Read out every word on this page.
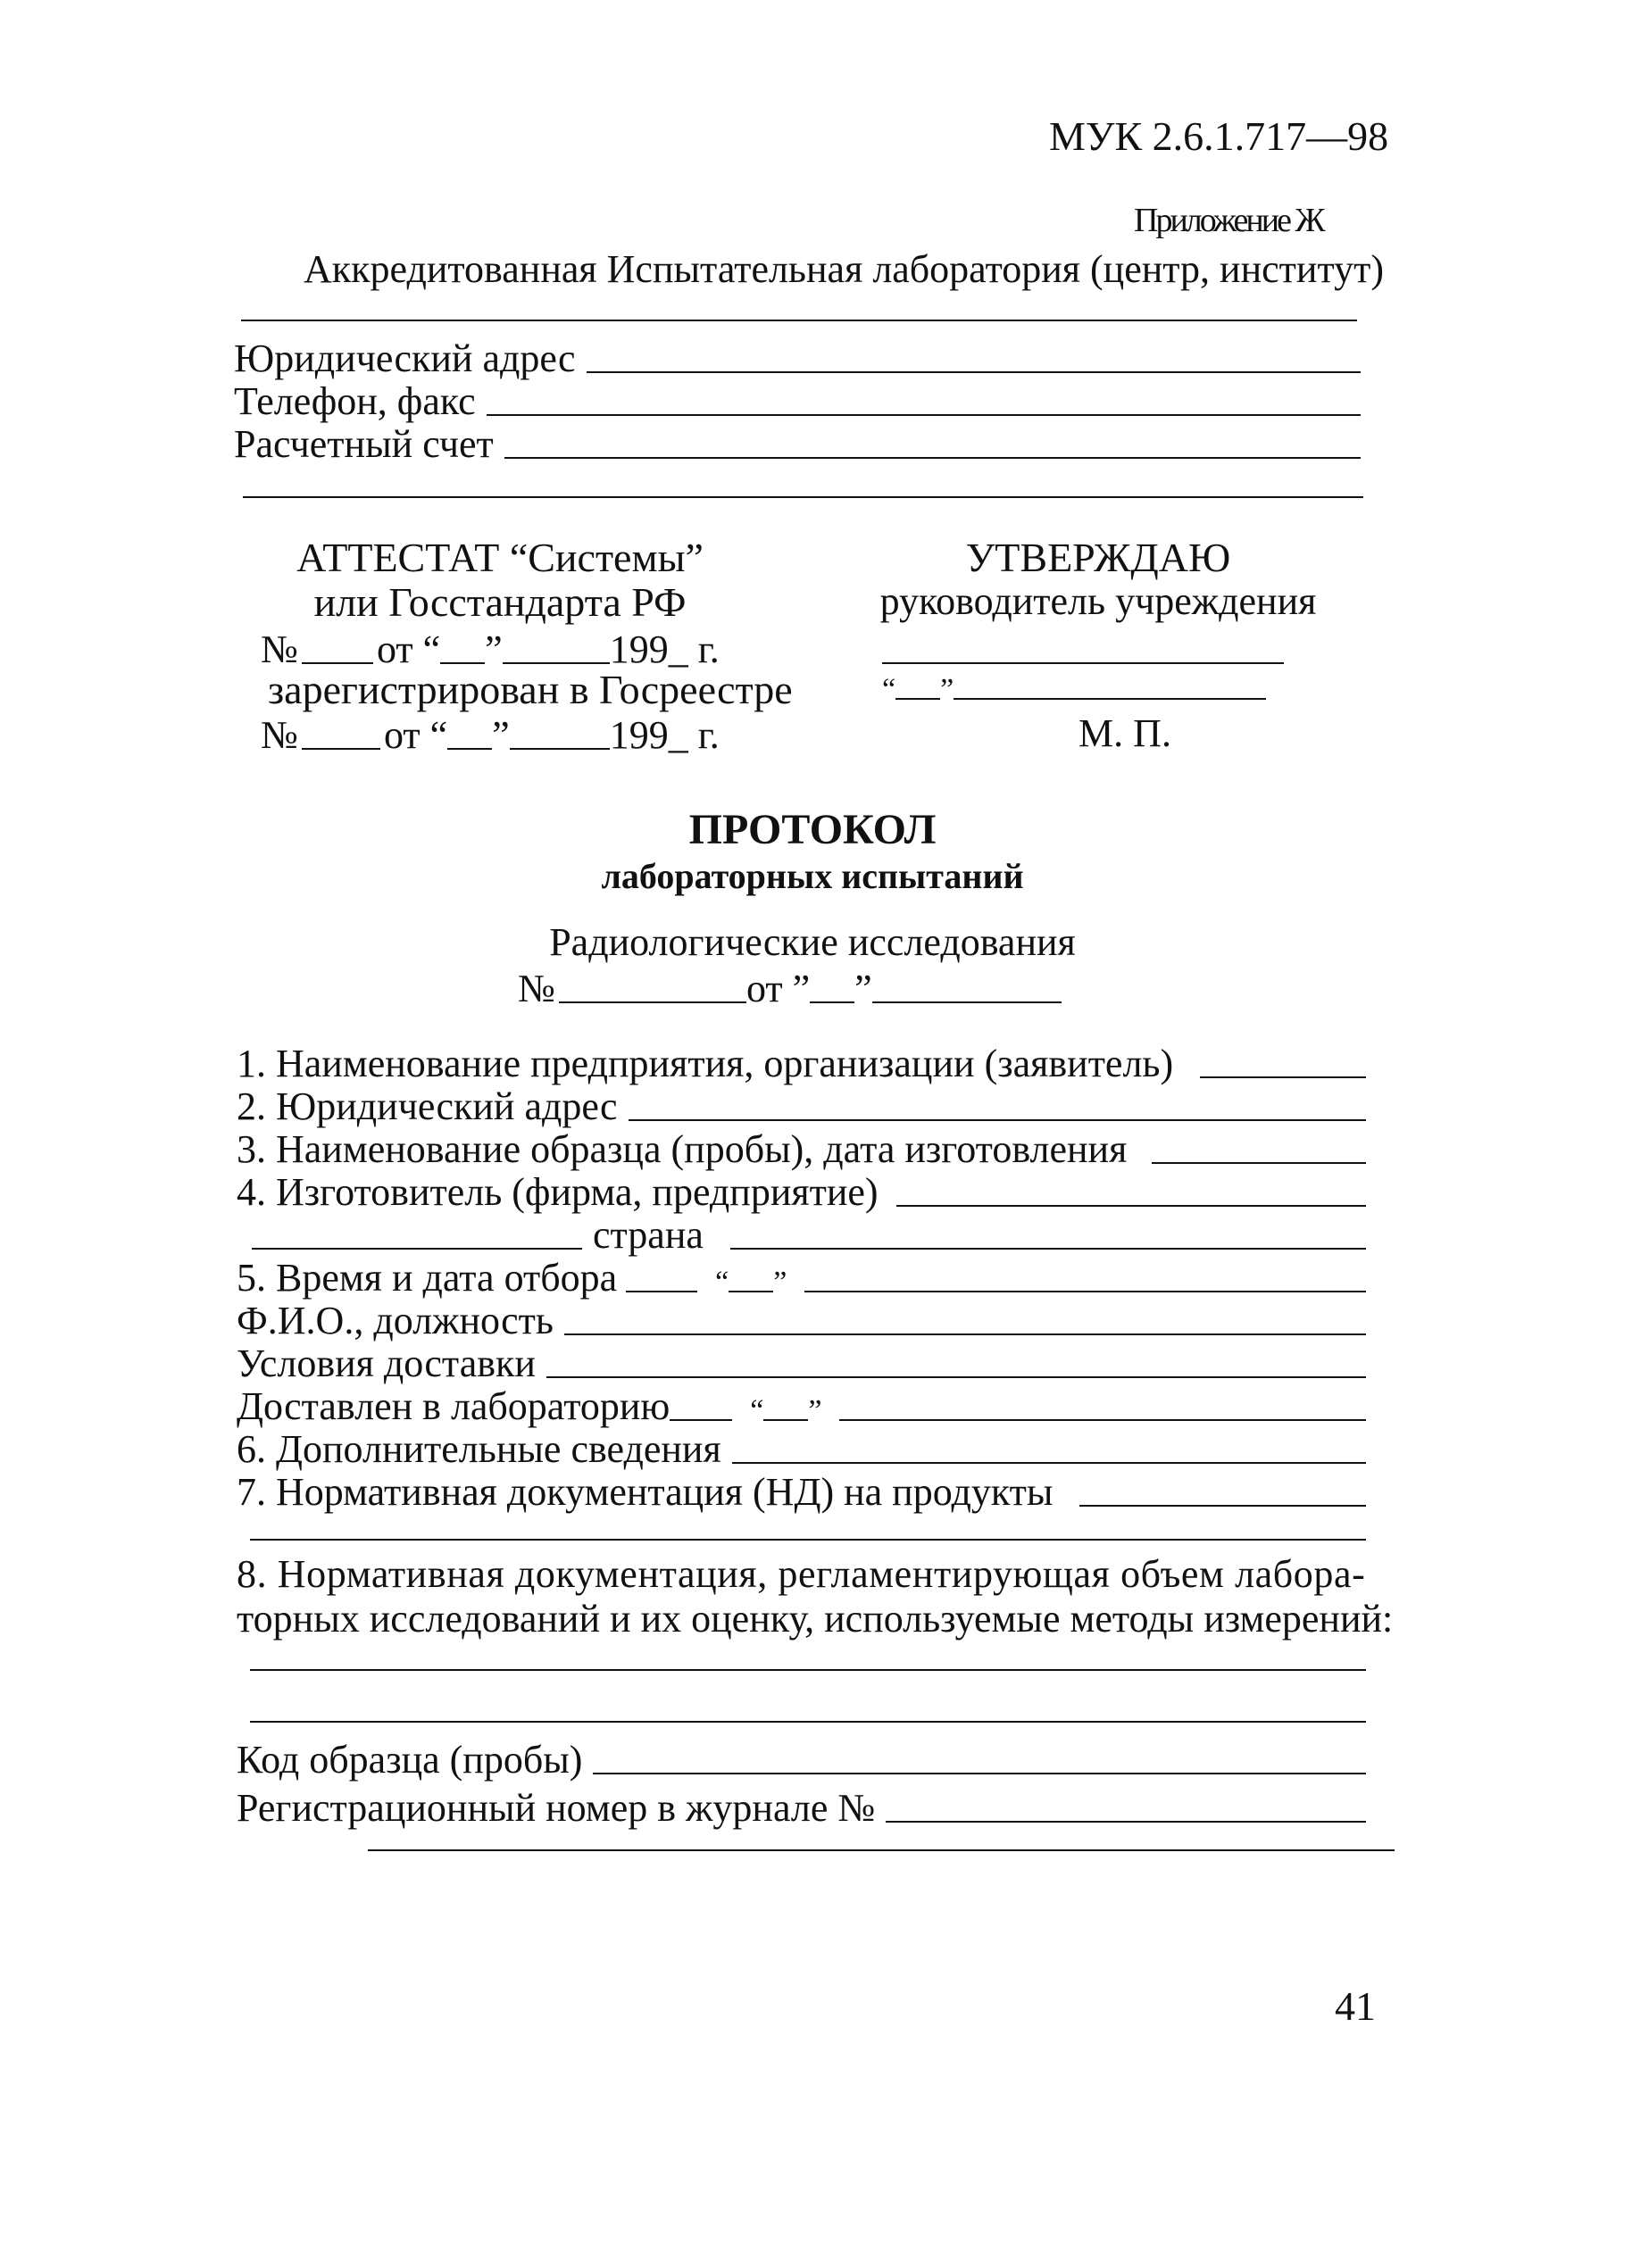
МУК 2.6.1.717—98
Приложение Ж
Аккредитованная Испытательная лаборатория (центр, институт)
Юридический адрес
Телефон, факс
Расчетный счет
АТТЕСТАТ “Системы”
или Госстандарта РФ
№ от “ ”	199_ г.
зарегистрирован в Госреестре
№ от “ ”	199_ г.
УТВЕРЖДАЮ
руководитель учреждения
“ ”
М. П.
ПРОТОКОЛ
лабораторных испытаний
Радиологические исследования
№	от ” ”
1. Наименование предприятия, организации (заявитель)
2. Юридический адрес
3. Наименование образца (пробы), дата изготовления
4. Изготовитель (фирма, предприятие)
страна
5. Время и дата отбора	“ ”
Ф.И.О., должность
Условия доставки
Доставлен в лабораторию	“ ”
6. Дополнительные сведения
7. Нормативная документация (НД) на продукты
8. Нормативная документация, регламентирующая объем лабора-
торных исследований и их оценку, используемые методы измерений:
Код образца (пробы)
Регистрационный номер в журнале №
41
